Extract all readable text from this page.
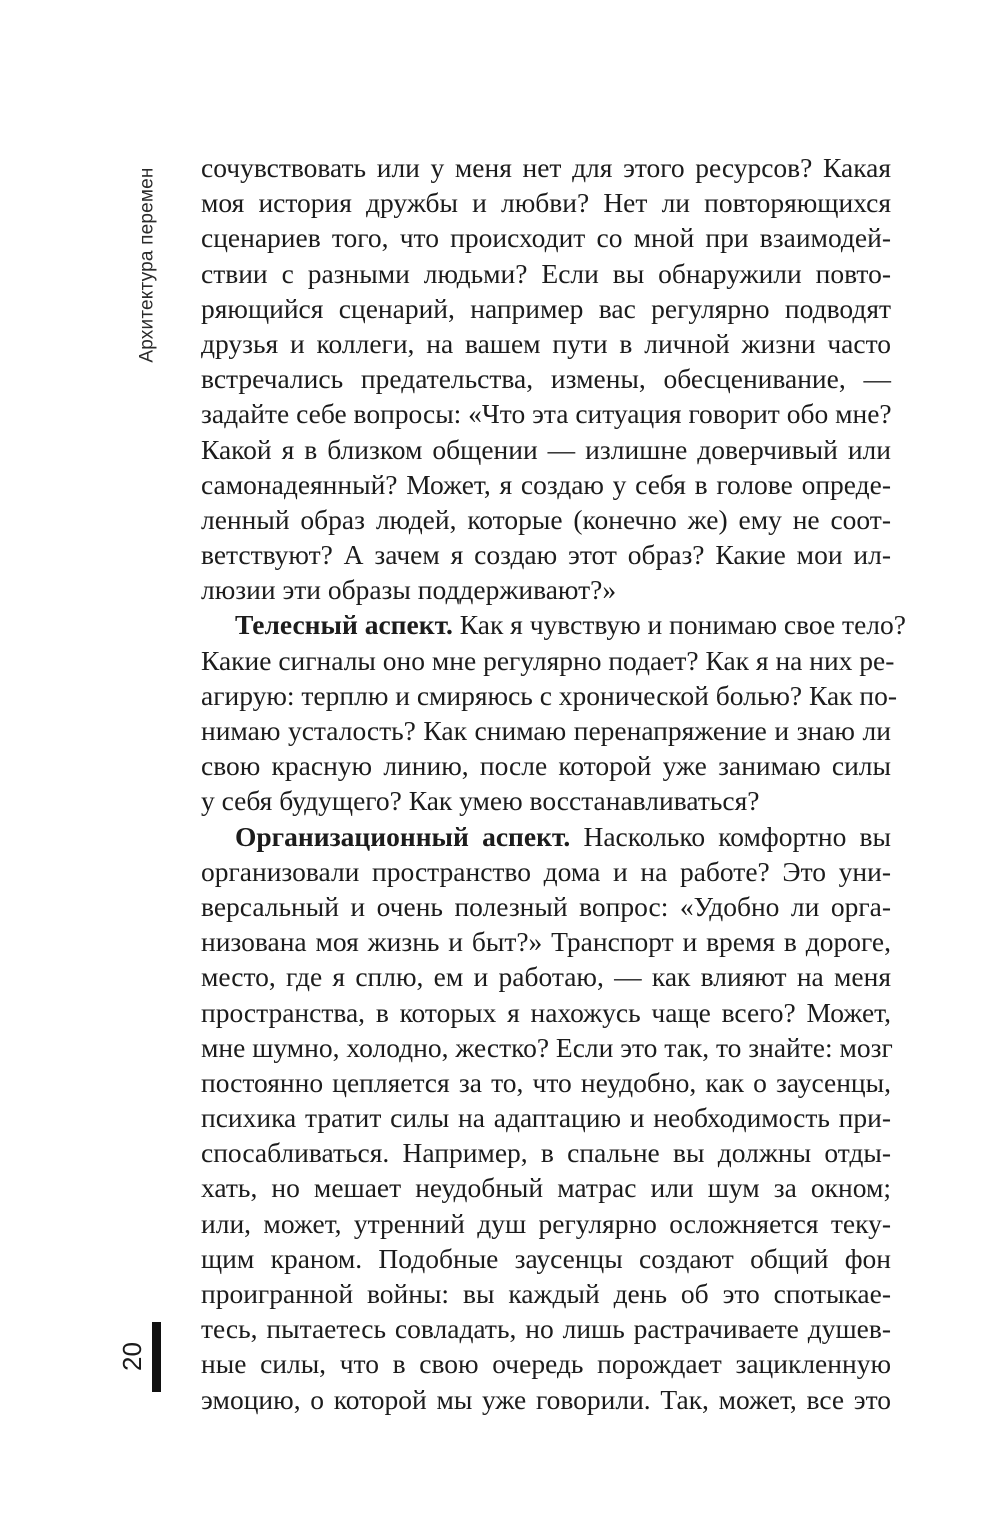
Архитектура перемен
20
сочувствовать или у меня нет для этого ресурсов? Какая
моя история дружбы и любви? Нет ли повторяющихся
сценариев того, что происходит со мной при взаимодей-
ствии с разными людьми? Если вы обнаружили повто-
ряющийся сценарий, например вас регулярно подводят
друзья и коллеги, на вашем пути в личной жизни часто
встречались предательства, измены, обесценивание, —
задайте себе вопросы: «Что эта ситуация говорит обо мне?
Какой я в близком общении — излишне доверчивый или
самонадеянный? Может, я создаю у себя в голове опреде-
ленный образ людей, которые (конечно же) ему не соот-
ветствуют? А зачем я создаю этот образ? Какие мои ил-
люзии эти образы поддерживают?»
Телесный аспект. Как я чувствую и понимаю свое тело?
Какие сигналы оно мне регулярно подает? Как я на них ре-
агирую: терплю и смиряюсь с хронической болью? Как по-
нимаю усталость? Как снимаю перенапряжение и знаю ли
свою красную линию, после которой уже занимаю силы
у себя будущего? Как умею восстанавливаться?
Организационный аспект. Насколько комфортно вы
организовали пространство дома и на работе? Это уни-
версальный и очень полезный вопрос: «Удобно ли орга-
низована моя жизнь и быт?» Транспорт и время в дороге,
место, где я сплю, ем и работаю, — как влияют на меня
пространства, в которых я нахожусь чаще всего? Может,
мне шумно, холодно, жестко? Если это так, то знайте: мозг
постоянно цепляется за то, что неудобно, как о заусенцы,
психика тратит силы на адаптацию и необходимость при-
спосабливаться. Например, в спальне вы должны отды-
хать, но мешает неудобный матрас или шум за окном;
или, может, утренний душ регулярно осложняется теку-
щим краном. Подобные заусенцы создают общий фон
проигранной войны: вы каждый день об это спотыкае-
тесь, пытаетесь совладать, но лишь растрачиваете душев-
ные силы, что в свою очередь порождает зацикленную
эмоцию, о которой мы уже говорили. Так, может, все это
